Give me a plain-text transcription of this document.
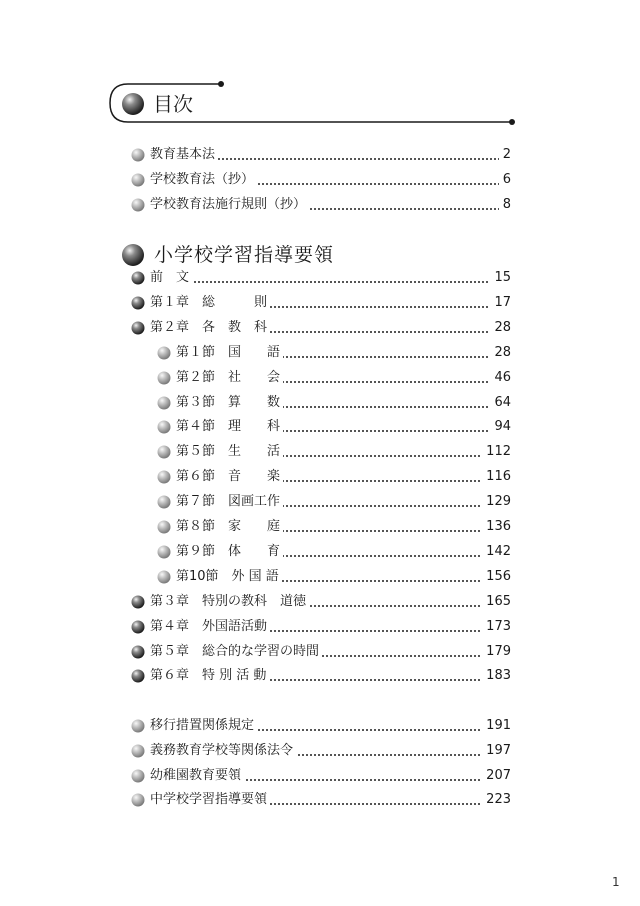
目次
教育基本法	2
学校教育法（抄）	6
学校教育法施行規則（抄）	8
小学校学習指導要領
前　文	15
第１章　総　　　則	17
第２章　各　教　科	28
第１節　国　　語	28
第２節　社　　会	46
第３節　算　　数	64
第４節　理　　科	94
第５節　生　　活	112
第６節　音　　楽	116
第７節　図画工作	129
第８節　家　　庭	136
第９節　体　　育	142
第10節　外 国 語	156
第３章　特別の教科　道徳	165
第４章　外国語活動	173
第５章　総合的な学習の時間	179
第６章　特 別 活 動	183
移行措置関係規定	191
義務教育学校等関係法令	197
幼稚園教育要領	207
中学校学習指導要領	223
1
